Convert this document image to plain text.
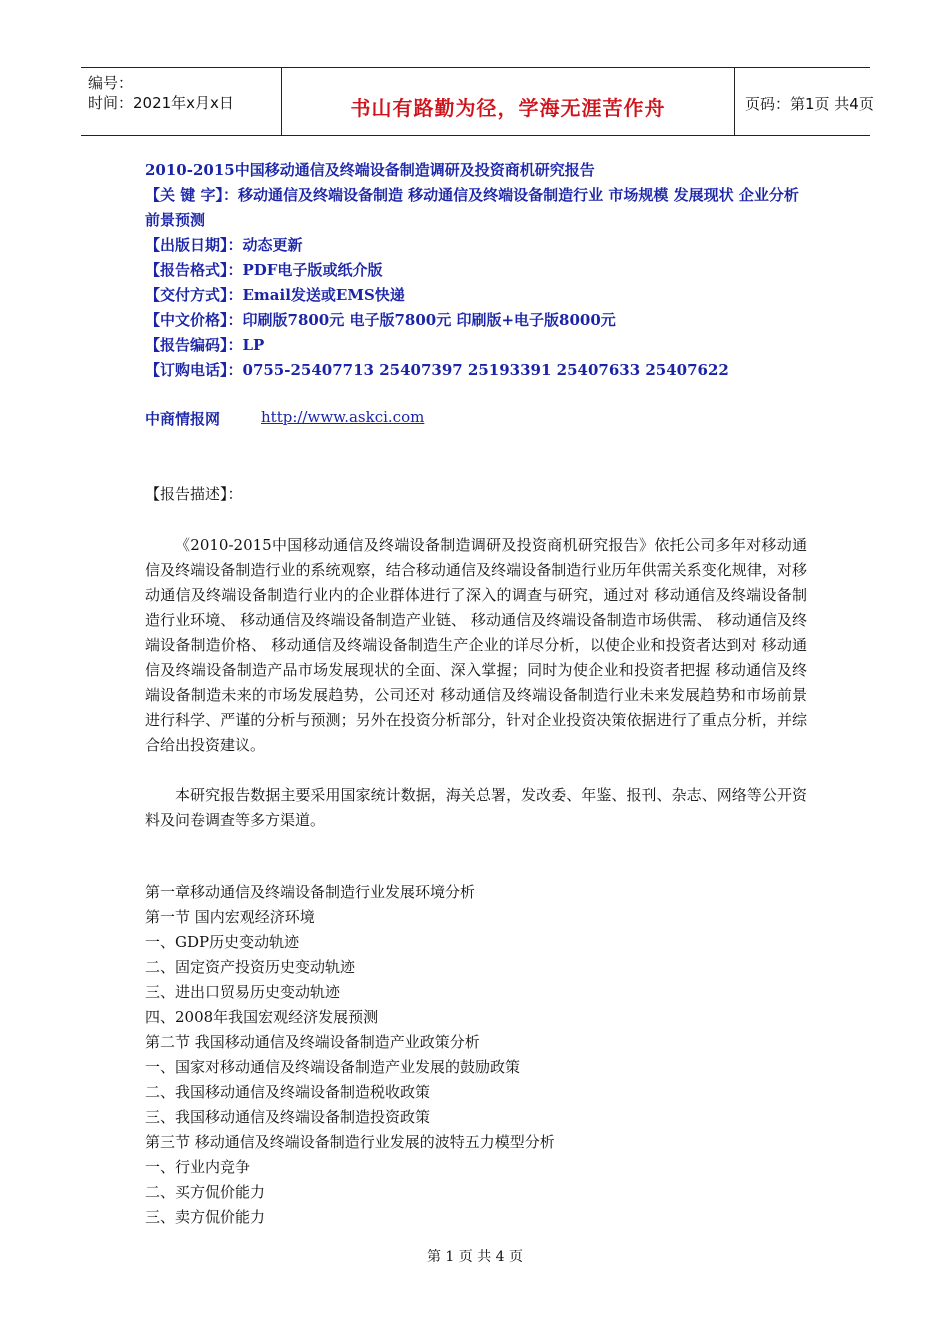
编号：
时间：2021年x月x日	书山有路勤为径，学海无涯苦作舟	页码：第1页 共4页
2010-2015中国移动通信及终端设备制造调研及投资商机研究报告
【关 键 字】：移动通信及终端设备制造 移动通信及终端设备制造行业 市场规模 发展现状 企业分析 前景预测
【出版日期】：动态更新
【报告格式】：PDF电子版或纸介版
【交付方式】：Email发送或EMS快递
【中文价格】：印刷版7800元 电子版7800元 印刷版+电子版8000元
【报告编码】：LP
【订购电话】：0755-25407713 25407397 25193391 25407633 25407622
中商情报网	http://www.askci.com
【报告描述】：
《2010-2015中国移动通信及终端设备制造调研及投资商机研究报告》依托公司多年对移动通信及终端设备制造行业的系统观察，结合移动通信及终端设备制造行业历年供需关系变化规律，对移动通信及终端设备制造行业内的企业群体进行了深入的调查与研究，通过对 移动通信及终端设备制造行业环境、 移动通信及终端设备制造产业链、 移动通信及终端设备制造市场供需、 移动通信及终端设备制造价格、 移动通信及终端设备制造生产企业的详尽分析，以使企业和投资者达到对 移动通信及终端设备制造产品市场发展现状的全面、深入掌握；同时为使企业和投资者把握 移动通信及终端设备制造未来的市场发展趋势，公司还对 移动通信及终端设备制造行业未来发展趋势和市场前景进行科学、严谨的分析与预测；另外在投资分析部分，针对企业投资决策依据进行了重点分析，并综合给出投资建议。
本研究报告数据主要采用国家统计数据，海关总署，发改委、年鉴、报刊、杂志、网络等公开资料及问卷调查等多方渠道。
第一章移动通信及终端设备制造行业发展环境分析
第一节 国内宏观经济环境
一、GDP历史变动轨迹
二、固定资产投资历史变动轨迹
三、进出口贸易历史变动轨迹
四、2008年我国宏观经济发展预测
第二节 我国移动通信及终端设备制造产业政策分析
一、国家对移动通信及终端设备制造产业发展的鼓励政策
二、我国移动通信及终端设备制造税收政策
三、我国移动通信及终端设备制造投资政策
第三节 移动通信及终端设备制造行业发展的波特五力模型分析
一、行业内竞争
二、买方侃价能力
三、卖方侃价能力
第 1 页 共 4 页
